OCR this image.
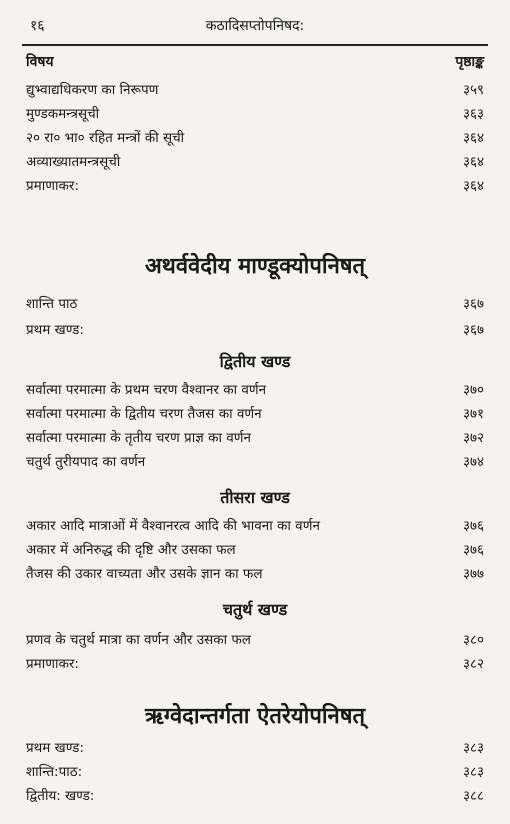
१६	कठादिसप्तोपनिषद:
विषय	पृष्ठाङ्क
द्युभ्वाद्यधिकरण का निरूपण	३५९
मुण्डकमन्त्रसूची	३६३
२० रा० भा० रहित मन्त्रों की सूची	३६४
अव्याख्यातमन्त्रसूची	३६४
प्रमाणाकर:	३६४
अथर्ववेदीय माण्डूक्योपनिषत्
शान्ति पाठ	३६७
प्रथम खण्ड:	३६७
द्वितीय खण्ड
सर्वात्मा परमात्मा के प्रथम चरण वैश्वानर का वर्णन	३७०
सर्वात्मा परमात्मा के द्वितीय चरण तैजस का वर्णन	३७१
सर्वात्मा परमात्मा के तृतीय चरण प्राज्ञ का वर्णन	३७२
चतुर्थ तुरीयपाद का वर्णन	३७४
तीसरा खण्ड
अकार आदि मात्राओं में वैश्वानरत्व आदि की भावना का वर्णन	३७६
अकार में अनिरुद्ध की दृष्टि और उसका फल	३७६
तैजस की उकार वाच्यता और उसके ज्ञान का फल	३७७
चतुर्थ खण्ड
प्रणव के चतुर्थ मात्रा का वर्णन और उसका फल	३८०
प्रमाणाकर:	३८२
ऋग्वेदान्तर्गता ऐतरेयोपनिषत्
प्रथम खण्ड:	३८३
शान्ति:पाठ:	३८३
द्वितीय: खण्ड:	३८८
